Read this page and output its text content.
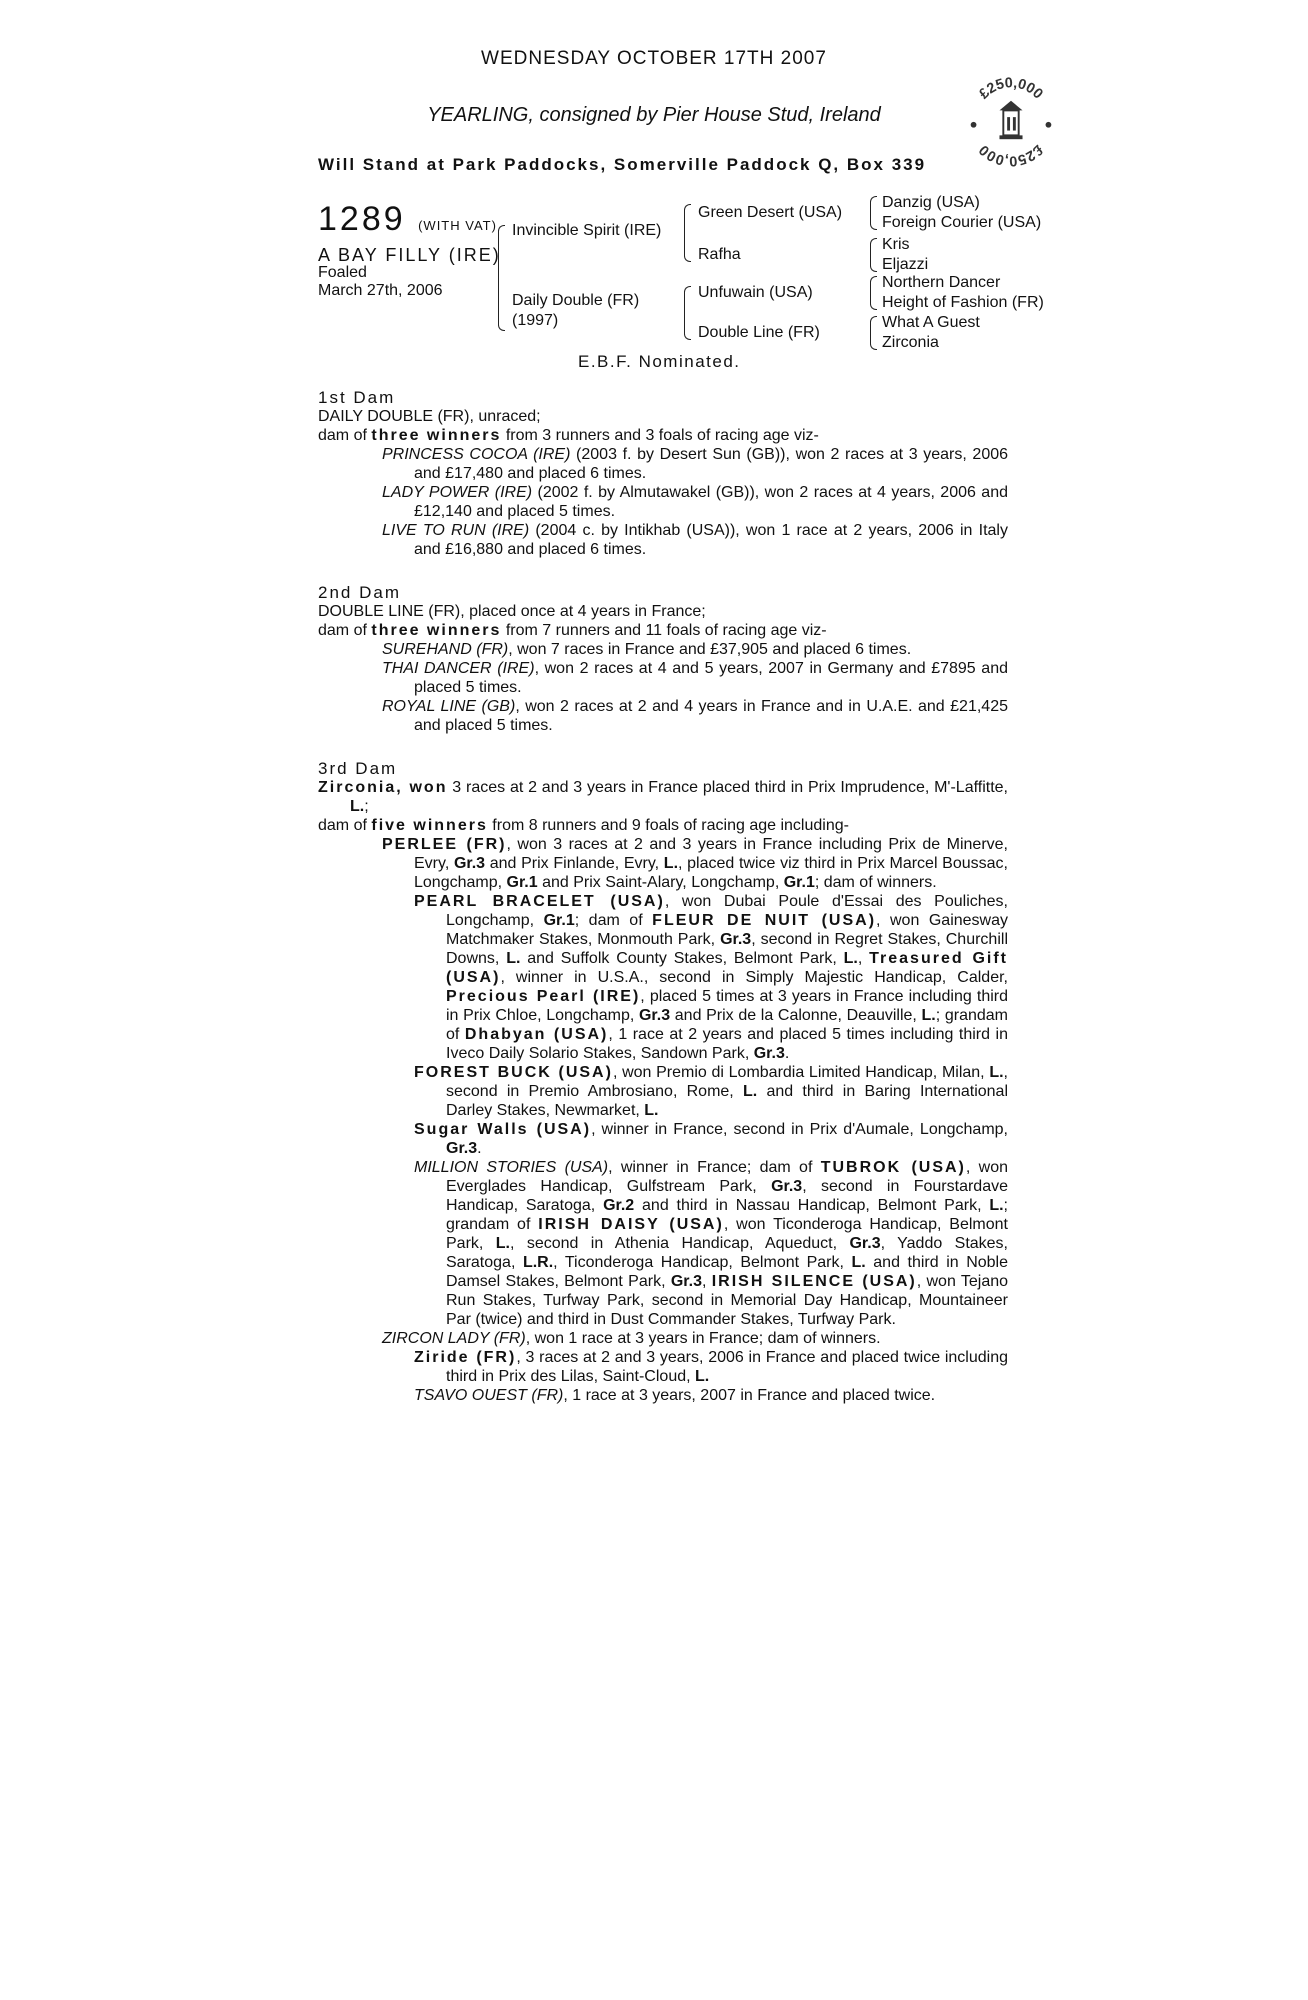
WEDNESDAY OCTOBER 17TH 2007
YEARLING, consigned by Pier House Stud, Ireland
Will Stand at Park Paddocks, Somerville Paddock Q, Box 339
£250,000
£250,000
1289 (WITH VAT)
A BAY FILLY (IRE)
Foaled
March 27th, 2006
Invincible Spirit (IRE)
Daily Double (FR)
(1997)
Green Desert (USA)
Rafha
Unfuwain (USA)
Double Line (FR)
Danzig (USA)
Foreign Courier (USA)
Kris
Eljazzi
Northern Dancer
Height of Fashion (FR)
What A Guest
Zirconia
E.B.F. Nominated.

1st Dam

DAILY DOUBLE (FR), unraced;

dam of three winners from 3 runners and 3 foals of racing age viz-

PRINCESS COCOA (IRE) (2003 f. by Desert Sun (GB)), won 2 races at 3 years, 2006 and £17,480 and placed 6 times.

LADY POWER (IRE) (2002 f. by Almutawakel (GB)), won 2 races at 4 years, 2006 and £12,140 and placed 5 times.

LIVE TO RUN (IRE) (2004 c. by Intikhab (USA)), won 1 race at 2 years, 2006 in Italy and £16,880 and placed 6 times.

2nd Dam

DOUBLE LINE (FR), placed once at 4 years in France;

dam of three winners from 7 runners and 11 foals of racing age viz-

SUREHAND (FR), won 7 races in France and £37,905 and placed 6 times.

THAI DANCER (IRE), won 2 races at 4 and 5 years, 2007 in Germany and £7895 and placed 5 times.

ROYAL LINE (GB), won 2 races at 2 and 4 years in France and in U.A.E. and £21,425 and placed 5 times.

3rd Dam

Zirconia, won 3 races at 2 and 3 years in France placed third in Prix Imprudence, M'-Laffitte, L.;

dam of five winners from 8 runners and 9 foals of racing age including-

PERLEE (FR), won 3 races at 2 and 3 years in France including Prix de Minerve, Evry, Gr.3 and Prix Finlande, Evry, L., placed twice viz third in Prix Marcel Boussac, Longchamp, Gr.1 and Prix Saint-Alary, Longchamp, Gr.1; dam of winners.

PEARL BRACELET (USA), won Dubai Poule d'Essai des Pouliches, Longchamp, Gr.1; dam of FLEUR DE NUIT (USA), won Gainesway Matchmaker Stakes, Monmouth Park, Gr.3, second in Regret Stakes, Churchill Downs, L. and Suffolk County Stakes, Belmont Park, L., Treasured Gift (USA), winner in U.S.A., second in Simply Majestic Handicap, Calder, Precious Pearl (IRE), placed 5 times at 3 years in France including third in Prix Chloe, Longchamp, Gr.3 and Prix de la Calonne, Deauville, L.; grandam of Dhabyan (USA), 1 race at 2 years and placed 5 times including third in Iveco Daily Solario Stakes, Sandown Park, Gr.3.

FOREST BUCK (USA), won Premio di Lombardia Limited Handicap, Milan, L., second in Premio Ambrosiano, Rome, L. and third in Baring International Darley Stakes, Newmarket, L.

Sugar Walls (USA), winner in France, second in Prix d'Aumale, Longchamp, Gr.3.

MILLION STORIES (USA), winner in France; dam of TUBROK (USA), won Everglades Handicap, Gulfstream Park, Gr.3, second in Fourstardave Handicap, Saratoga, Gr.2 and third in Nassau Handicap, Belmont Park, L.; grandam of IRISH DAISY (USA), won Ticonderoga Handicap, Belmont Park, L., second in Athenia Handicap, Aqueduct, Gr.3, Yaddo Stakes, Saratoga, L.R., Ticonderoga Handicap, Belmont Park, L. and third in Noble Damsel Stakes, Belmont Park, Gr.3, IRISH SILENCE (USA), won Tejano Run Stakes, Turfway Park, second in Memorial Day Handicap, Mountaineer Par (twice) and third in Dust Commander Stakes, Turfway Park.

ZIRCON LADY (FR), won 1 race at 3 years in France; dam of winners.

Ziride (FR), 3 races at 2 and 3 years, 2006 in France and placed twice including third in Prix des Lilas, Saint-Cloud, L.

TSAVO OUEST (FR), 1 race at 3 years, 2007 in France and placed twice.
